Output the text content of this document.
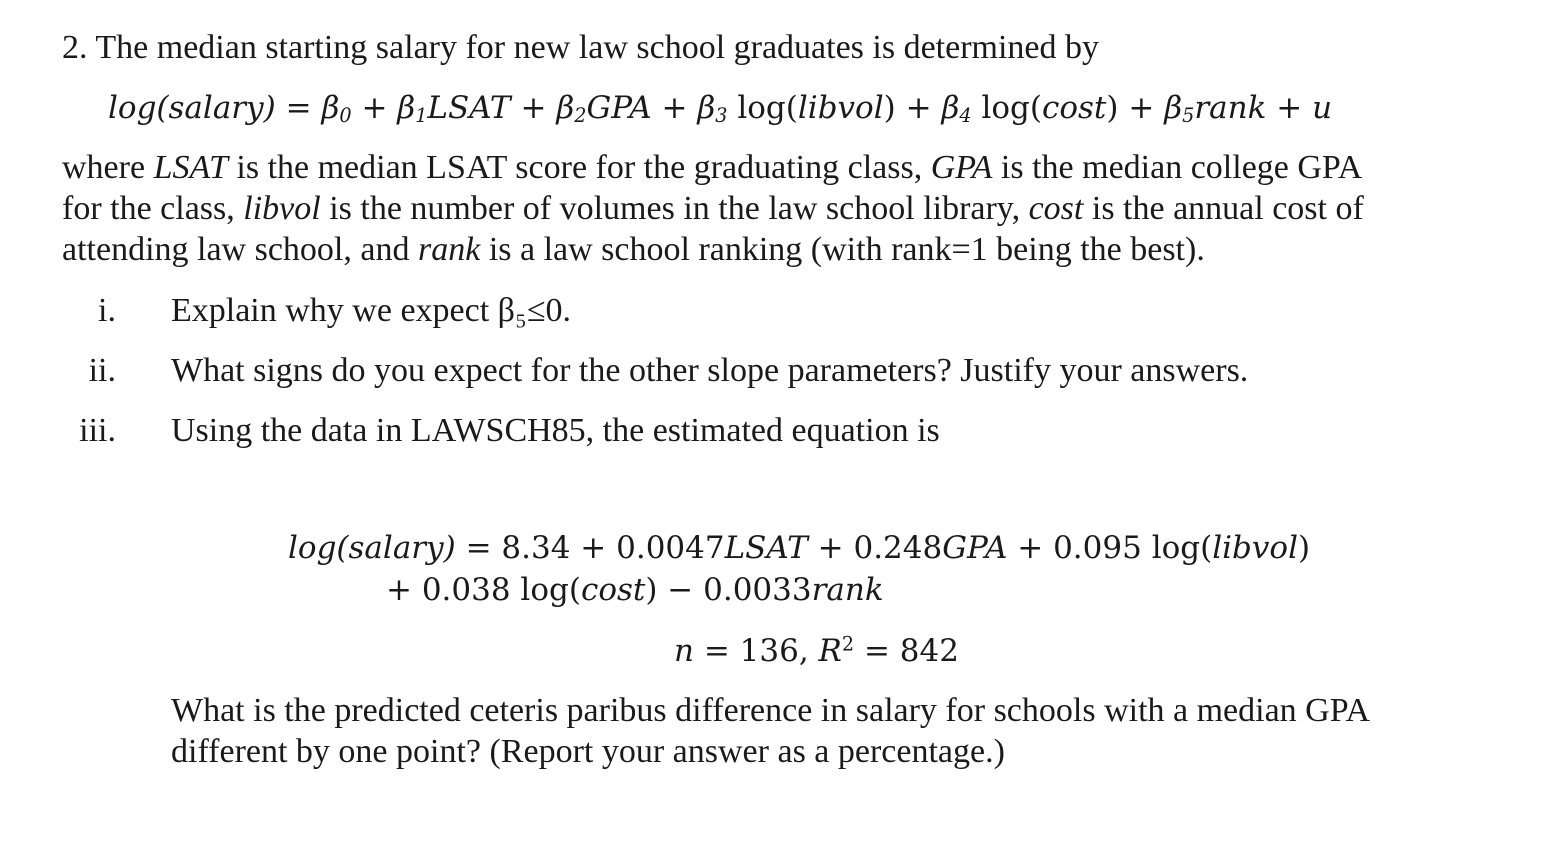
2. The median starting salary for new law school graduates is determined by
log(salary) = $\beta_0$ + $\beta_1LSAT + \beta_2GPA + \beta_3$ log(libvol) + $\beta_4$ $\log(\cos t) + \beta_5rank + u$
where LSAT is the median LSAT score for the graduating class, GPA is the median college GPA
for the class, libvol is the number of volumes in the law school library, cost is the annual cost of
attending law school, and rank is a law school ranking (with rank=1 being the best).
i. Explain why we expect β₅≤0.
ii. What signs do you expect for the other slope parameters? Justify your answers.
iii. Using the data in LAWSCH85, the estimated equation is
log(salary) = 8.34 + 0.0047LSAT + 0.248GPA + 0.095 log(libvol)
+ 0.038 log(cost) − 0.0033rank
n = 136, $R^2 = 842$
What is the predicted ceteris paribus difference in salary for schools with a median GPA
different by one point? (Report your answer as a percentage.)
